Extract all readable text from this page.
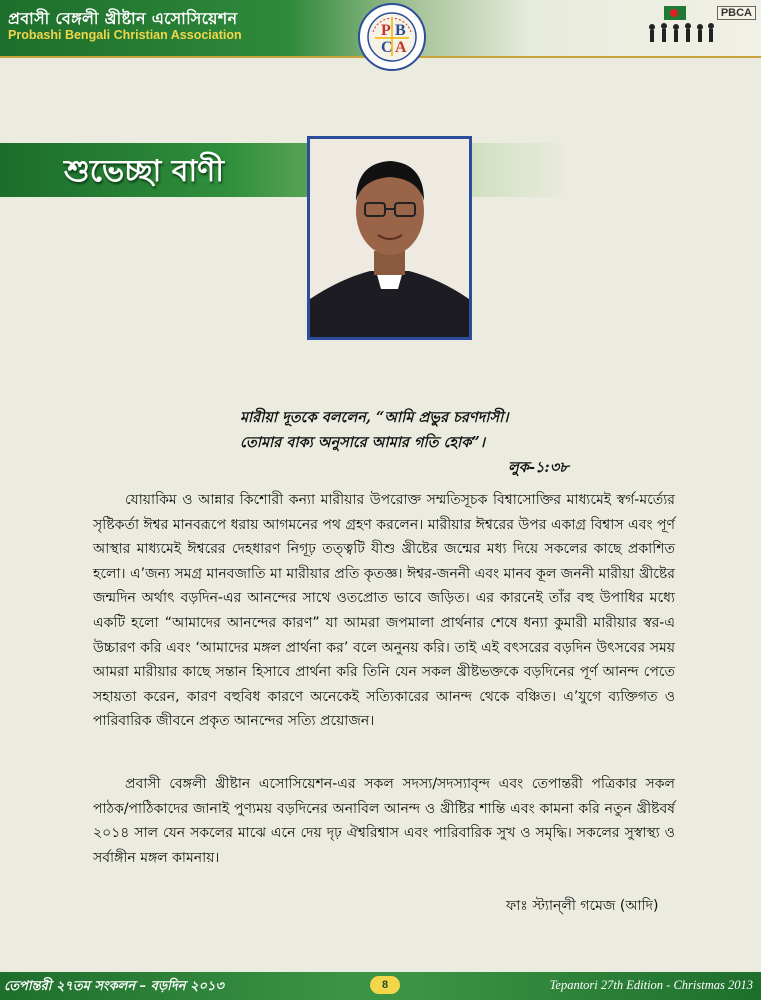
প্রবাসী বেঙ্গলী খ্রীষ্টান এসোসিয়েশন
Probashi Bengali Christian Association	P B
C A
PBCA
শুভেচ্ছা বাণী
মারীয়া দূতকে বললেন, “আমি প্রভুর চরণদাসী।
তোমার বাক্য অনুসারে আমার গতি হোক”।
লুক-১:৩৮
যোয়াকিম ও আন্নার কিশোরী কন্যা মারীয়ার উপরোক্ত সম্মতিসূচক বিশ্বাসোক্তির মাধ্যমেই স্বর্গ-মর্ত্যের সৃষ্টিকর্তা ঈশ্বর মানবরূপে ধরায় আগমনের পথ গ্রহণ করলেন। মারীয়ার ঈশ্বরের উপর একাগ্র বিশ্বাস এবং পূর্ণ আস্থার মাধ্যমেই ঈশ্বরের দেহধারণ নিগূঢ় তত্ত্বটি যীশু খ্রীষ্টের জন্মের মধ্য দিয়ে সকলের কাছে প্রকাশিত হলো। এ’জন্য সমগ্র মানবজাতি মা মারীয়ার প্রতি কৃতজ্ঞ। ঈশ্বর-জননী এবং মানব কূল জননী মারীয়া খ্রীষ্টের জন্মদিন অর্থাৎ বড়দিন-এর আনন্দের সাথে ওতপ্রোত ভাবে জড়িত। এর কারনেই তাঁর বহু উপাধির মধ্যে একটি হলো “আমাদের আনন্দের কারণ” যা আমরা জপমালা প্রার্থনার শেষে ধন্যা কুমারী মারীয়ার স্বর-এ উচ্চারণ করি এবং ‘আমাদের মঙ্গল প্রার্থনা কর’ বলে অনুনয় করি। তাই এই বৎসরের বড়দিন উৎসবের সময় আমরা মারীয়ার কাছে সন্তান হিসাবে প্রার্থনা করি তিনি যেন সকল খ্রীষ্টভক্তকে বড়দিনের পূর্ণ আনন্দ পেতে সহায়তা করেন, কারণ বহুবিধ কারণে অনেকেই সত্যিকারের আনন্দ থেকে বঞ্চিত। এ’যুগে ব্যক্তিগত ও পারিবারিক জীবনে প্রকৃত আনন্দের সত্যি প্রয়োজন।
প্রবাসী বেঙ্গলী খ্রীষ্টান এসোসিয়েশন-এর সকল সদস্য/সদস্যাবৃন্দ এবং তেপান্তরী পত্রিকার সকল পাঠক/পাঠিকাদের জানাই পুণ্যময় বড়দিনের অনাবিল আনন্দ ও খ্রীষ্টির শান্তি এবং কামনা করি নতুন খ্রীষ্টবর্ষ ২০১৪ সাল যেন সকলের মাঝে এনে দেয় দৃঢ় ঐশ্বরিশ্বাস এবং পারিবারিক সুখ ও সমৃদ্ধি। সকলের সুস্বাস্থ্য ও সর্বাঙ্গীন মঙ্গল কামনায়।
ফাঃ স্ট্যান্লী গমেজ (আদি)
তেপান্তরী ২৭তম সংকলন – বড়দিন ২০১৩	8	Tepantori 27th Edition - Christmas 2013
